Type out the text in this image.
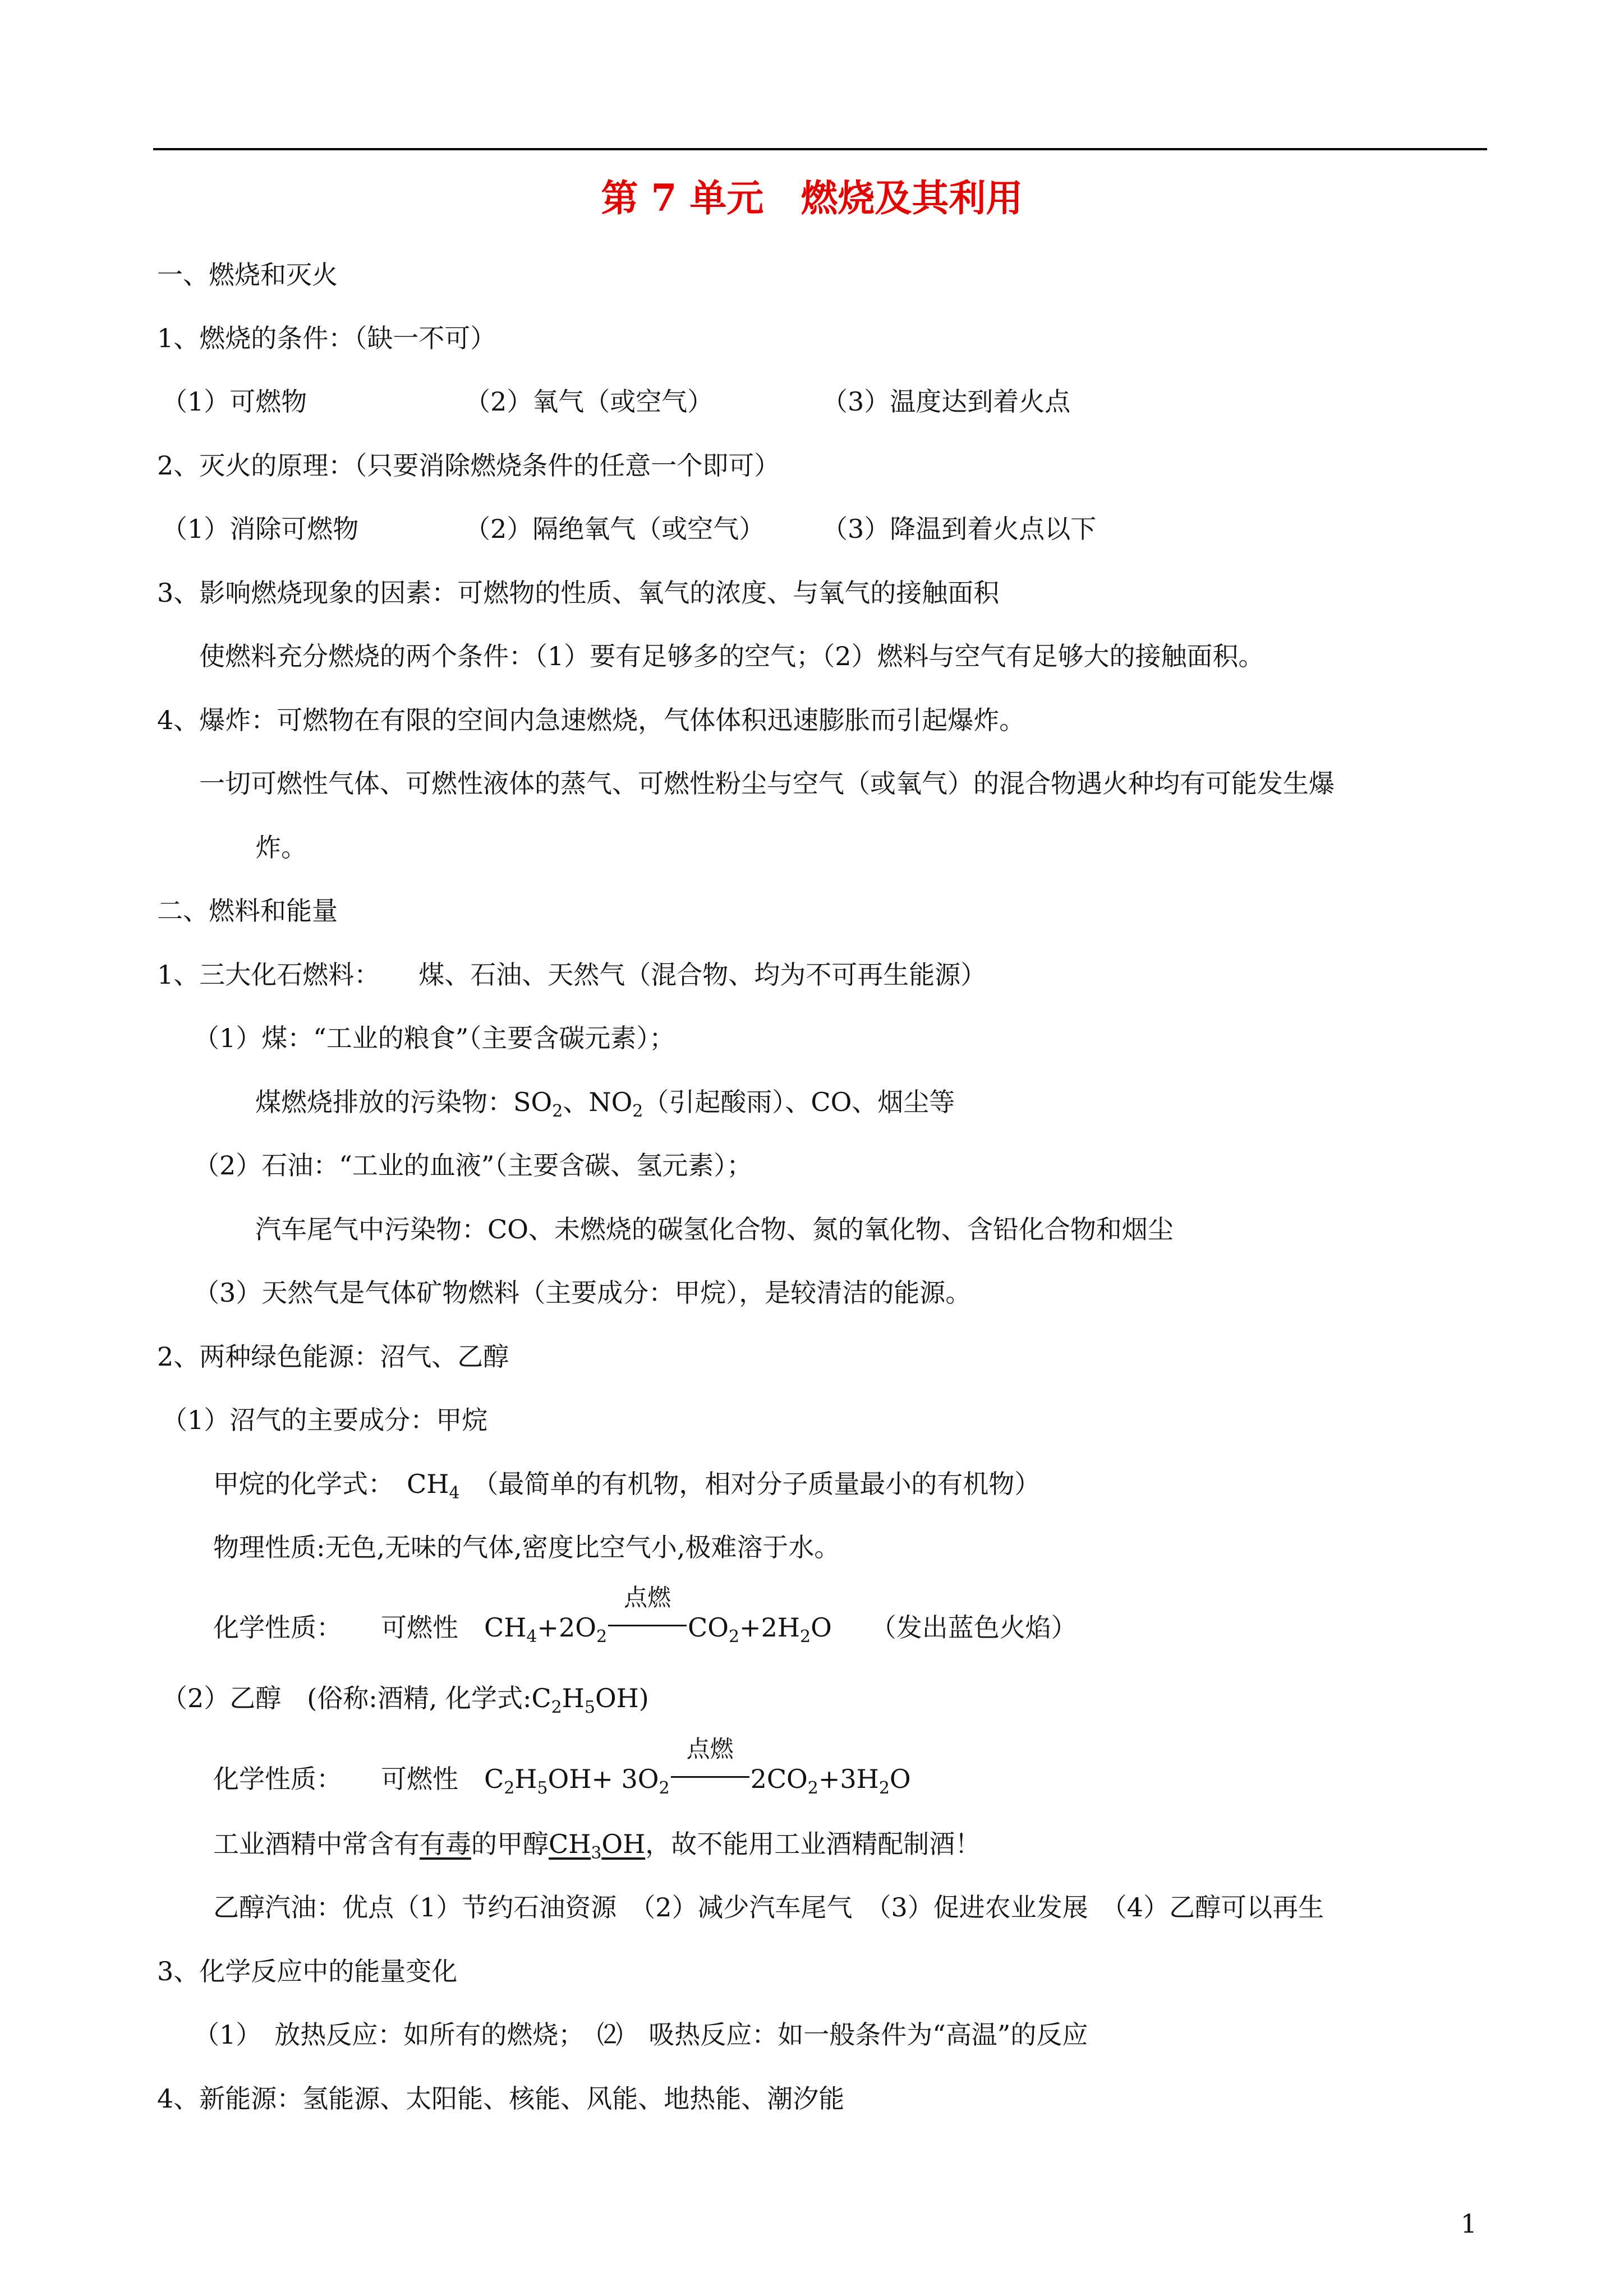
第 7 单元　燃烧及其利用
一、燃烧和灭火
1、燃烧的条件：（缺一不可）
（1）可燃物	（2）氧气（或空气）	（3）温度达到着火点
2、灭火的原理：（只要消除燃烧条件的任意一个即可）
（1）消除可燃物	（2）隔绝氧气（或空气） （3）降温到着火点以下
3、影响燃烧现象的因素：可燃物的性质、氧气的浓度、与氧气的接触面积
使燃料充分燃烧的两个条件：（1）要有足够多的空气；（2）燃料与空气有足够大的接触面积。
4、爆炸：可燃物在有限的空间内急速燃烧，气体体积迅速膨胀而引起爆炸。
一切可燃性气体、可燃性液体的蒸气、可燃性粉尘与空气（或氧气）的混合物遇火种均有可能发生爆
炸。
二、燃料和能量
1、三大化石燃料：　　煤、石油、天然气（混合物、均为不可再生能源）
（1）煤：“工业的粮食”（主要含碳元素）；
煤燃烧排放的污染物：$SO_2$、$NO_2$（引起酸雨）、CO、烟尘等
（2）石油：“工业的血液”（主要含碳、氢元素）；
汽车尾气中污染物：CO、未燃烧的碳氢化合物、氮的氧化物、含铅化合物和烟尘
（3）天然气是气体矿物燃料（主要成分：甲烷），是较清洁的能源。
2、两种绿色能源：沼气、乙醇
（1）沼气的主要成分：甲烷
甲烷的化学式：　$CH_4$　（最简单的有机物，相对分子质量最小的有机物）
物理性质:无色,无味的气体,密度比空气小,极难溶于水。
化学性质：　　可燃性　$CH_4+2O_2$
点燃
$CO_2+2H_2O$　　（发出蓝色火焰）
（2）乙醇　(俗称:酒精, 化学式$:C_2H_5OH$)
化学性质：　　可燃性　$C_2H_5OH+ 3O_2$
点燃
$2CO_2+3H_2O$
工业酒精中常含有有毒的甲醇$CH_3OH$，故不能用工业酒精配制酒！
乙醇汽油：优点（1）节约石油资源　（2）减少汽车尾气　（3）促进农业发展　（4）乙醇可以再生
3、化学反应中的能量变化
（1）　放热反应：如所有的燃烧；　⑵　吸热反应：如一般条件为“高温”的反应
4、新能源：氢能源、太阳能、核能、风能、地热能、潮汐能
1
